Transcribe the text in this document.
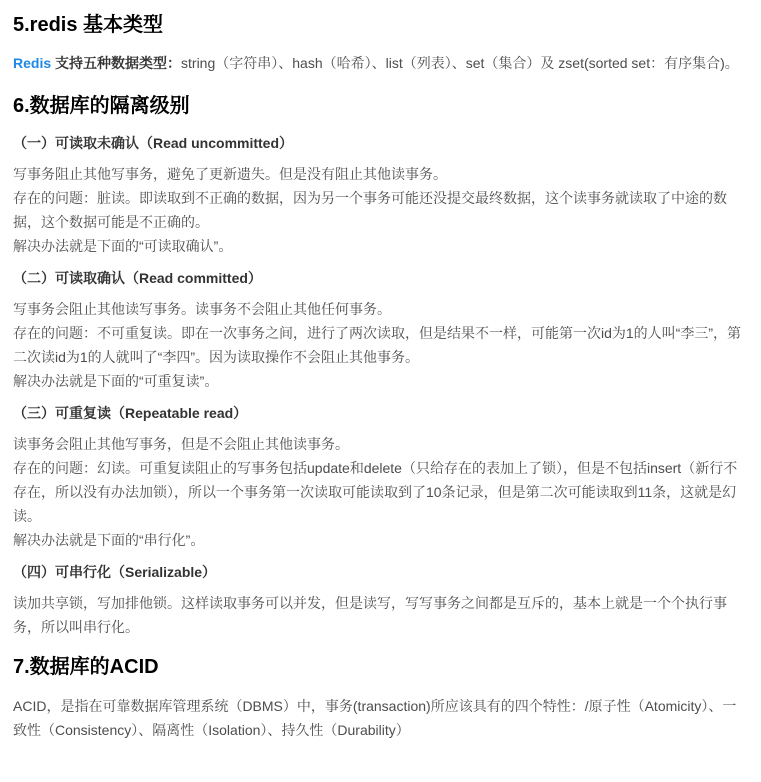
5.redis 基本类型

Redis 支持五种数据类型：string（字符串）、hash（哈希）、list（列表）、set（集合）及 zset(sorted set：有序集合)。

6.数据库的隔离级别
（一）可读取未确认（Read uncommitted）

写事务阻止其他写事务，避免了更新遗失。但是没有阻止其他读事务。

存在的问题：脏读。即读取到不正确的数据，因为另一个事务可能还没提交最终数据，这个读事务就读取了中途的数据，这个数据可能是不正确的。

解决办法就是下面的“可读取确认”。

（二）可读取确认（Read committed）

写事务会阻止其他读写事务。读事务不会阻止其他任何事务。

存在的问题：不可重复读。即在一次事务之间，进行了两次读取，但是结果不一样，可能第一次id为1的人叫“李三”，第二次读id为1的人就叫了“李四”。因为读取操作不会阻止其他事务。

解决办法就是下面的“可重复读”。

（三）可重复读（Repeatable read）

读事务会阻止其他写事务，但是不会阻止其他读事务。

存在的问题：幻读。可重复读阻止的写事务包括update和delete（只给存在的表加上了锁），但是不包括insert（新行不存在，所以没有办法加锁），所以一个事务第一次读取可能读取到了10条记录，但是第二次可能读取到11条，这就是幻读。

解决办法就是下面的“串行化”。

（四）可串行化（Serializable）

读加共享锁，写加排他锁。这样读取事务可以并发，但是读写，写写事务之间都是互斥的，基本上就是一个个执行事务，所以叫串行化。

7.数据库的ACID

ACID，是指在可靠数据库管理系统（DBMS）中，事务(transaction)所应该具有的四个特性：/原子性（Atomicity）、一致性（Consistency）、隔离性（Isolation）、持久性（Durability）
